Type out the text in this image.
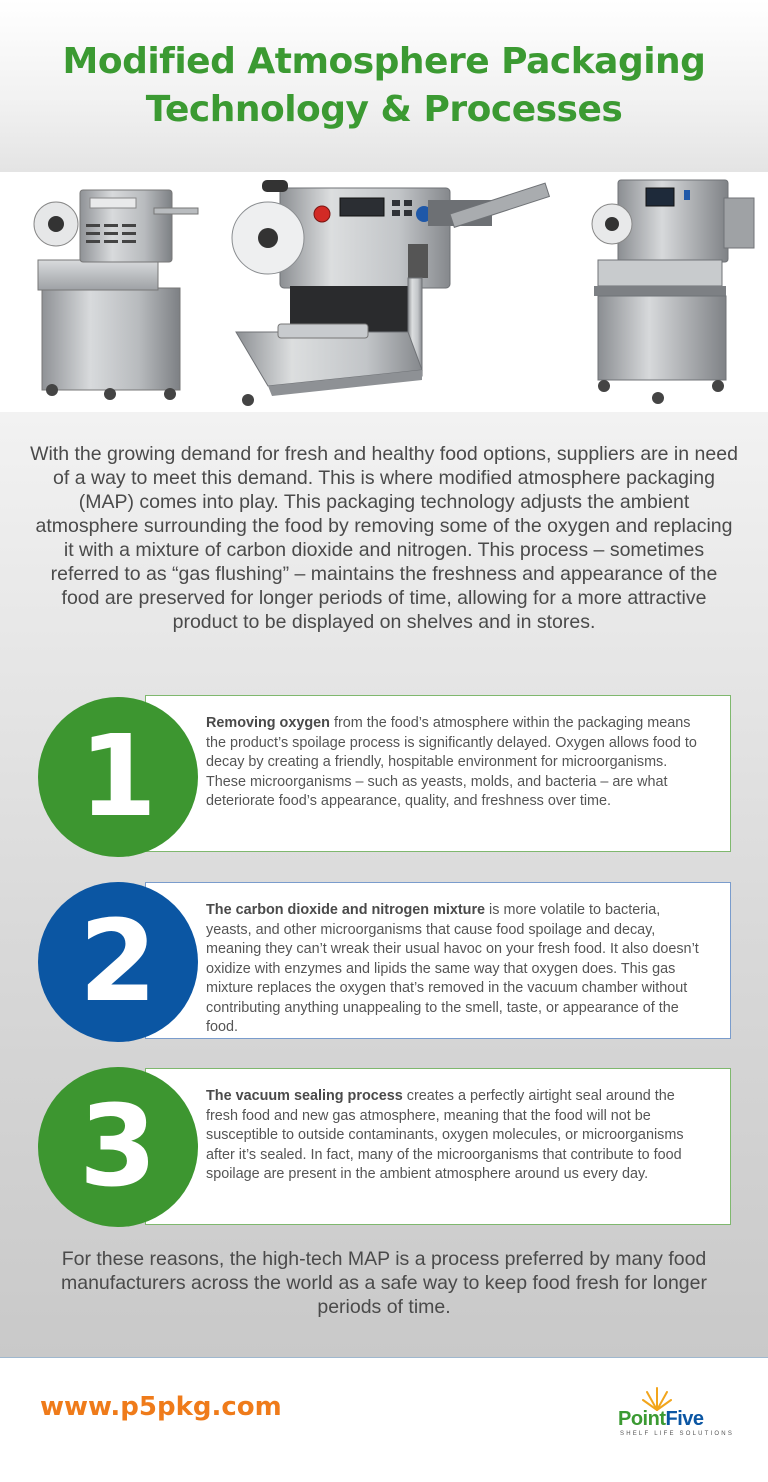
Modified Atmosphere Packaging
Technology & Processes

With the growing demand for fresh and healthy food options, suppliers are in need of a way to meet this demand. This is where modified atmosphere packaging (MAP) comes into play. This packaging technology adjusts the ambient atmosphere surrounding the food by removing some of the oxygen and replacing it with a mixture of carbon dioxide and nitrogen. This process – sometimes referred to as “gas flushing” – maintains the freshness and appearance of the food are preserved for longer periods of time, allowing for a more attractive product to be displayed on shelves and in stores.

Removing oxygen from the food’s atmosphere within the packaging means the product’s spoilage process is significantly delayed. Oxygen allows food to decay by creating a friendly, hospitable environment for microorganisms. These microorganisms – such as yeasts, molds, and bacteria – are what deteriorate food’s appearance, quality, and freshness over time.
1
The carbon dioxide and nitrogen mixture is more volatile to bacteria, yeasts, and other microorganisms that cause food spoilage and decay, meaning they can’t wreak their usual havoc on your fresh food. It also doesn’t oxidize with enzymes and lipids the same way that oxygen does. This gas mixture replaces the oxygen that’s removed in the vacuum chamber without contributing anything unappealing to the smell, taste, or appearance of the food.
2
The vacuum sealing process creates a perfectly airtight seal around the fresh food and new gas atmosphere, meaning that the food will not be susceptible to outside contaminants, oxygen molecules, or microorganisms after it’s sealed. In fact, many of the microorganisms that contribute to food spoilage are present in the ambient atmosphere around us every day.
3

For these reasons, the high-tech MAP is a process preferred by many food manufacturers across the world as a safe way to keep food fresh for longer periods of time.

www.p5pkg.com	PointFive
SHELF LIFE SOLUTIONS
